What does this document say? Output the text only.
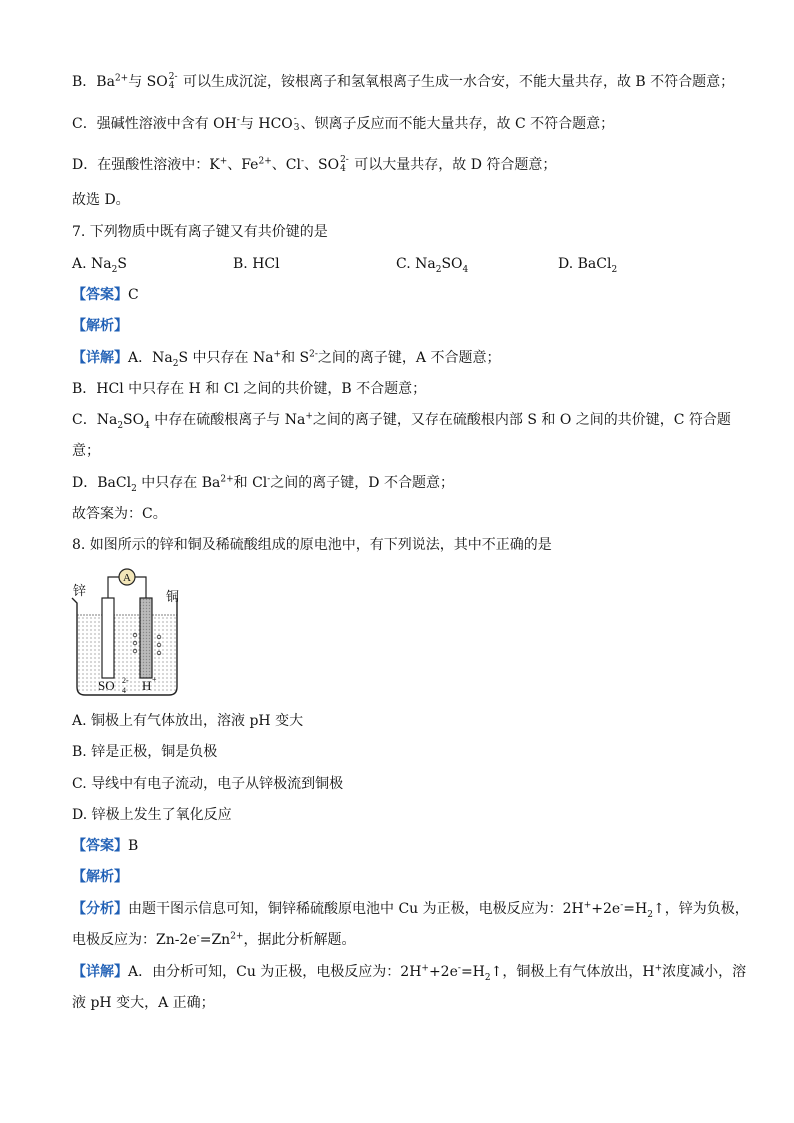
B．$Ba^{2+}$与 SO 2-
4 可以生成沉淀，铵根离子和氢氧根离子生成一水合安，不能大量共存，故 B 不符合题意；
C．强碱性溶液中含有 OH-与 HCO -
3 、钡离子反应而不能大量共存，故 C 不符合题意；
D．在强酸性溶液中：K+、$Fe^{2+}$、Cl-、SO 2-
4 可以大量共存，故 D 符合题意；
故选 D。
7. 下列物质中既有离子键又有共价键的是
A. $Na_2S$	B. HCl	C. $Na_2SO_4$	D. BaCl$_2$
【答案】C
【解析】
【详解】A．$Na_2S$ 中只存在 Na+和 $S^{2-}$之间的离子键，A 不合题意；
B．HCl 中只存在 H 和 Cl 之间的共价键，B 不合题意；
C．$Na_2SO_4$ 中存在硫酸根离子与 Na+之间的离子键，又存在硫酸根内部 S 和 O 之间的共价键，C 符合题
意；
D．BaCl$_2$ 中只存在 $Ba^{2+}$和 Cl-之间的离子键，D 不合题意；
故答案为：C。
8. 如图所示的锌和铜及稀硫酸组成的原电池中，有下列说法，其中不正确的是
A
锌	铜
SO 2-
4 H +
A. 铜极上有气体放出，溶液 pH 变大
B. 锌是正极，铜是负极
C. 导线中有电子流动，电子从锌极流到铜极
D. 锌极上发生了氧化反应
【答案】B
【解析】
【分析】由题干图示信息可知，铜锌稀硫酸原电池中 Cu 为正极，电极反应为：$2H^++2e^-=H_2↑$，锌为负极，
电极反应为：$Zn-2e^-=Zn^{2+}$，据此分析解题。
【详解】A．由分析可知，Cu 为正极，电极反应为：$2H^++2e^-=H_2↑$，铜极上有气体放出，H+浓度减小，溶
液 pH 变大，A 正确；
